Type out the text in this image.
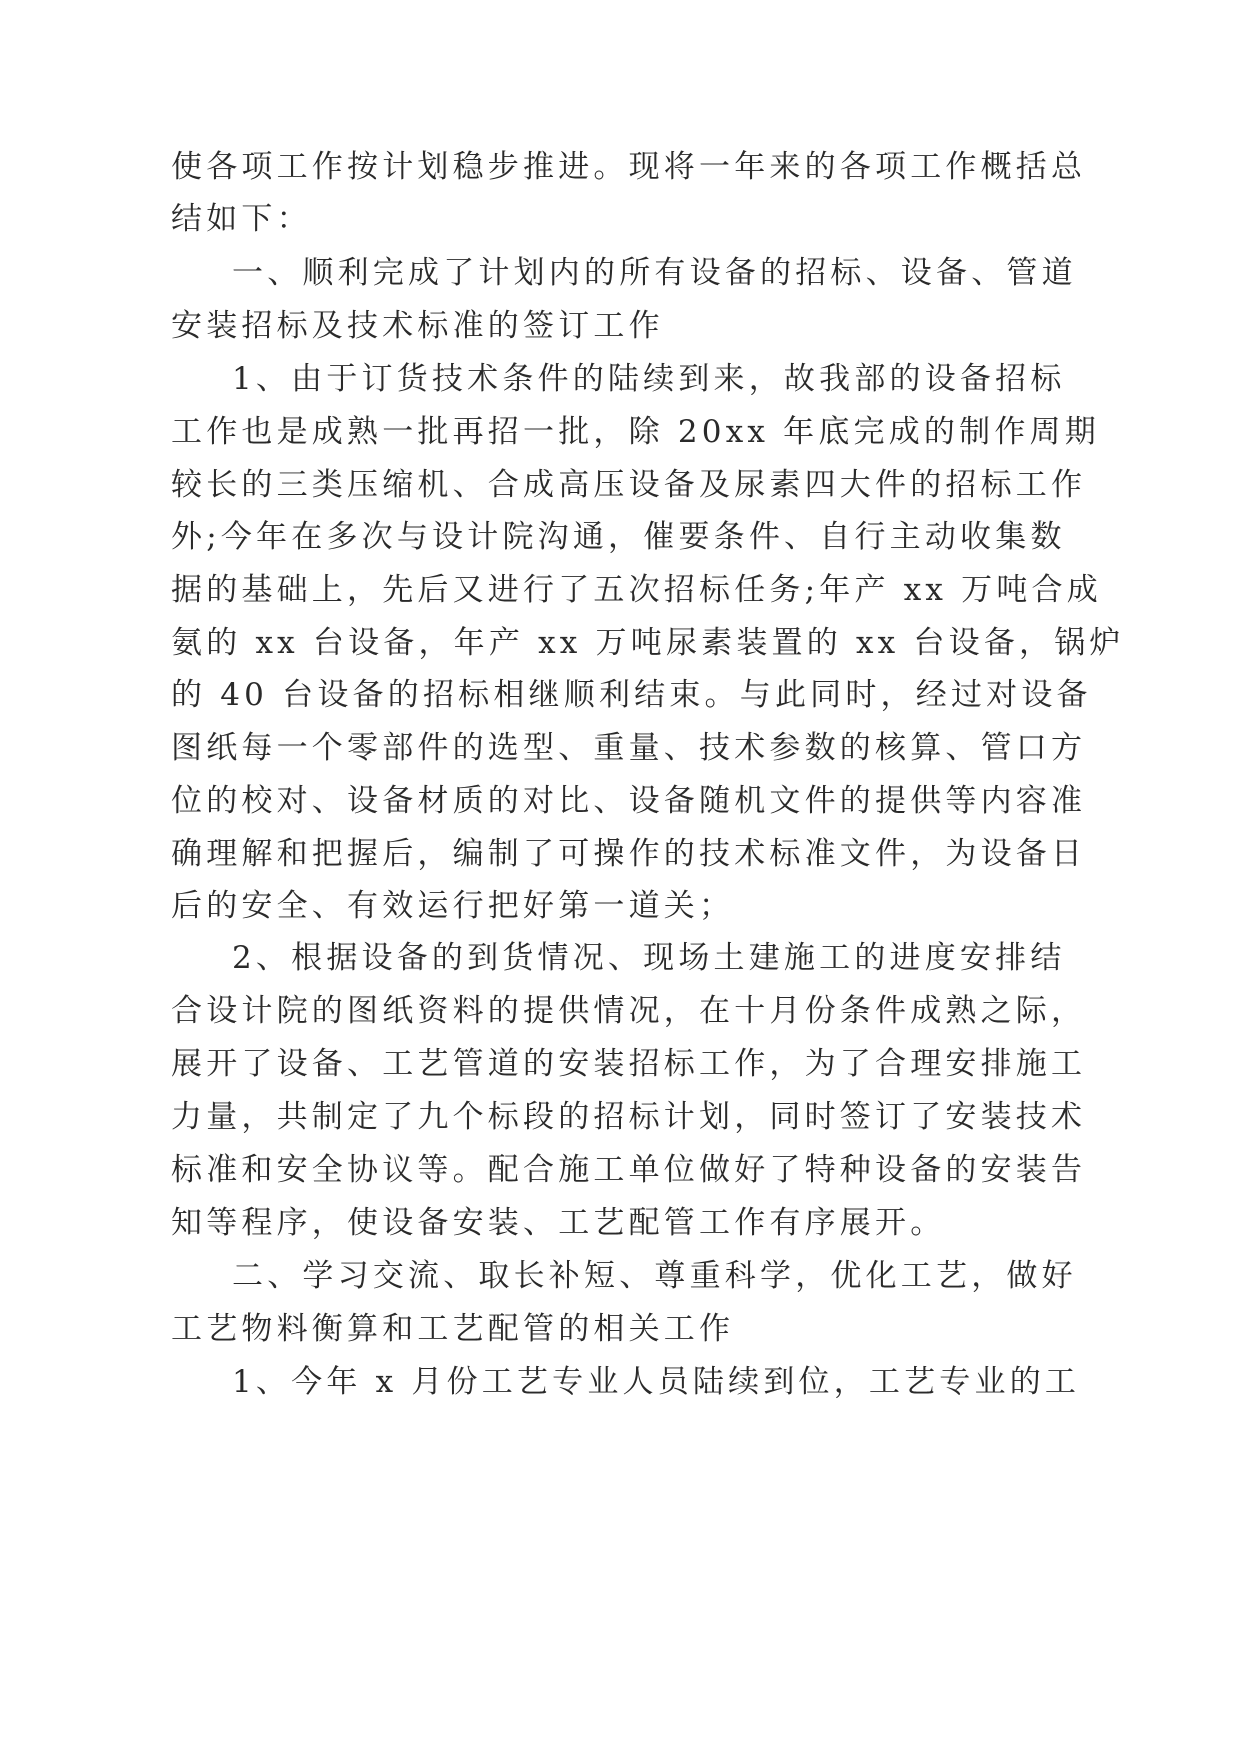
使各项工作按计划稳步推进。现将一年来的各项工作概括总
结如下：
一、顺利完成了计划内的所有设备的招标、设备、管道
安装招标及技术标准的签订工作
1、由于订货技术条件的陆续到来，故我部的设备招标
工作也是成熟一批再招一批，除 20xx 年底完成的制作周期
较长的三类压缩机、合成高压设备及尿素四大件的招标工作
外;今年在多次与设计院沟通，催要条件、自行主动收集数
据的基础上，先后又进行了五次招标任务;年产 xx 万吨合成
氨的 xx 台设备，年产 xx 万吨尿素装置的 xx 台设备，锅炉
的 40 台设备的招标相继顺利结束。与此同时，经过对设备
图纸每一个零部件的选型、重量、技术参数的核算、管口方
位的校对、设备材质的对比、设备随机文件的提供等内容准
确理解和把握后，编制了可操作的技术标准文件，为设备日
后的安全、有效运行把好第一道关；
2、根据设备的到货情况、现场土建施工的进度安排结
合设计院的图纸资料的提供情况，在十月份条件成熟之际，
展开了设备、工艺管道的安装招标工作，为了合理安排施工
力量，共制定了九个标段的招标计划，同时签订了安装技术
标准和安全协议等。配合施工单位做好了特种设备的安装告
知等程序，使设备安装、工艺配管工作有序展开。
二、学习交流、取长补短、尊重科学，优化工艺，做好
工艺物料衡算和工艺配管的相关工作
1、今年 x 月份工艺专业人员陆续到位，工艺专业的工
